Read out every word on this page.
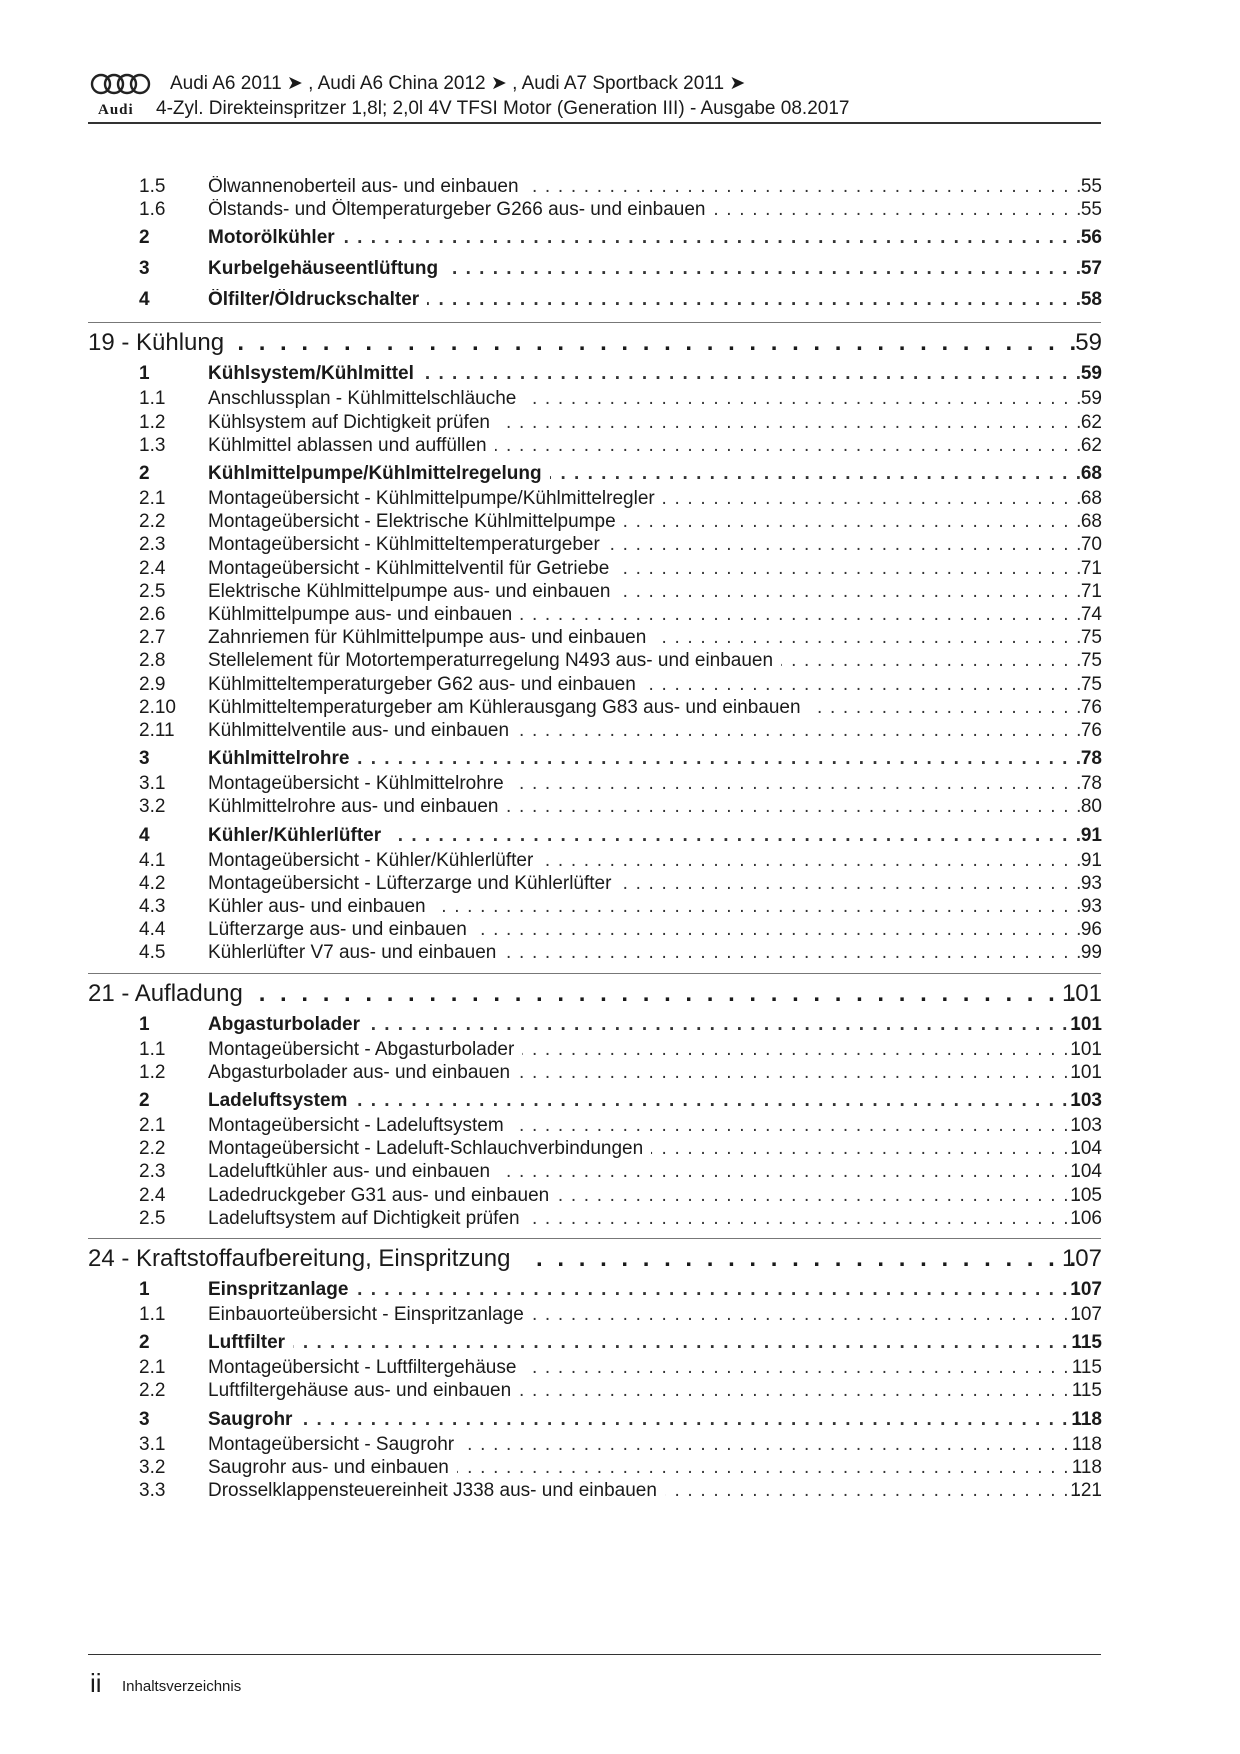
Audi
Audi A6 2011 ➤ , Audi A6 China 2012 ➤ , Audi A7 Sportback 2011 ➤
4-Zyl. Direkteinspritzer 1,8l; 2,0l 4V TFSI Motor (Generation III) - Ausgabe 08.2017
1.5 Ölwannenoberteil aus- und einbauen . . .	55
1.6 Ölstands- und Öltemperaturgeber G266 aus- und einbauen . . .	55
2	Motorölkühler . . .	56
3	Kurbelgehäuseentlüftung . . .	57
4	Ölfilter/Öldruckschalter . . .	58
19 - Kühlung . . .	59
1	Kühlsystem/Kühlmittel . . .	59
1.1 Anschlussplan - Kühlmittelschläuche . . .	59
1.2 Kühlsystem auf Dichtigkeit prüfen . . .	62
1.3 Kühlmittel ablassen und auffüllen . . .	62
2	Kühlmittelpumpe/Kühlmittelregelung . . .	68
2.1 Montageübersicht - Kühlmittelpumpe/Kühlmittelregler . . .	68
2.2 Montageübersicht - Elektrische Kühlmittelpumpe . . .	68
2.3 Montageübersicht - Kühlmitteltemperaturgeber . . .	70
2.4 Montageübersicht - Kühlmittelventil für Getriebe . . .	71
2.5 Elektrische Kühlmittelpumpe aus- und einbauen . . .	71
2.6 Kühlmittelpumpe aus- und einbauen . . .	74
2.7 Zahnriemen für Kühlmittelpumpe aus- und einbauen . . .	75
2.8 Stellelement für Motortemperaturregelung N493 aus- und einbauen . . .	75
2.9 Kühlmitteltemperaturgeber G62 aus- und einbauen . . .	75
2.10 Kühlmitteltemperaturgeber am Kühlerausgang G83 aus- und einbauen . . .	76
2.11 Kühlmittelventile aus- und einbauen . . .	76
3	Kühlmittelrohre . . .	78
3.1 Montageübersicht - Kühlmittelrohre . . .	78
3.2 Kühlmittelrohre aus- und einbauen . . .	80
4	Kühler/Kühlerlüfter . . .	91
4.1 Montageübersicht - Kühler/Kühlerlüfter . . .	91
4.2 Montageübersicht - Lüfterzarge und Kühlerlüfter . . .	93
4.3 Kühler aus- und einbauen . . .	93
4.4 Lüfterzarge aus- und einbauen . . .	96
4.5 Kühlerlüfter V7 aus- und einbauen . . .	99
21 - Aufladung . . .	101
1	Abgasturbolader . . .	101
1.1 Montageübersicht - Abgasturbolader . . .	101
1.2 Abgasturbolader aus- und einbauen . . .	101
2	Ladeluftsystem . . .	103
2.1 Montageübersicht - Ladeluftsystem . . .	103
2.2 Montageübersicht - Ladeluft-Schlauchverbindungen . . .	104
2.3 Ladeluftkühler aus- und einbauen . . .	104
2.4 Ladedruckgeber G31 aus- und einbauen . . .	105
2.5 Ladeluftsystem auf Dichtigkeit prüfen . . .	106
24 - Kraftstoffaufbereitung, Einspritzung . . .	107
1	Einspritzanlage . . .	107
1.1 Einbauorteübersicht - Einspritzanlage . . .	107
2	Luftfilter . . .	115
2.1 Montageübersicht - Luftfiltergehäuse . . .	115
2.2 Luftfiltergehäuse aus- und einbauen . . .	115
3	Saugrohr . . .	118
3.1 Montageübersicht - Saugrohr . . .	118
3.2 Saugrohr aus- und einbauen . . .	118
3.3 Drosselklappensteuereinheit J338 aus- und einbauen . . .	121
ii Inhaltsverzeichnis
